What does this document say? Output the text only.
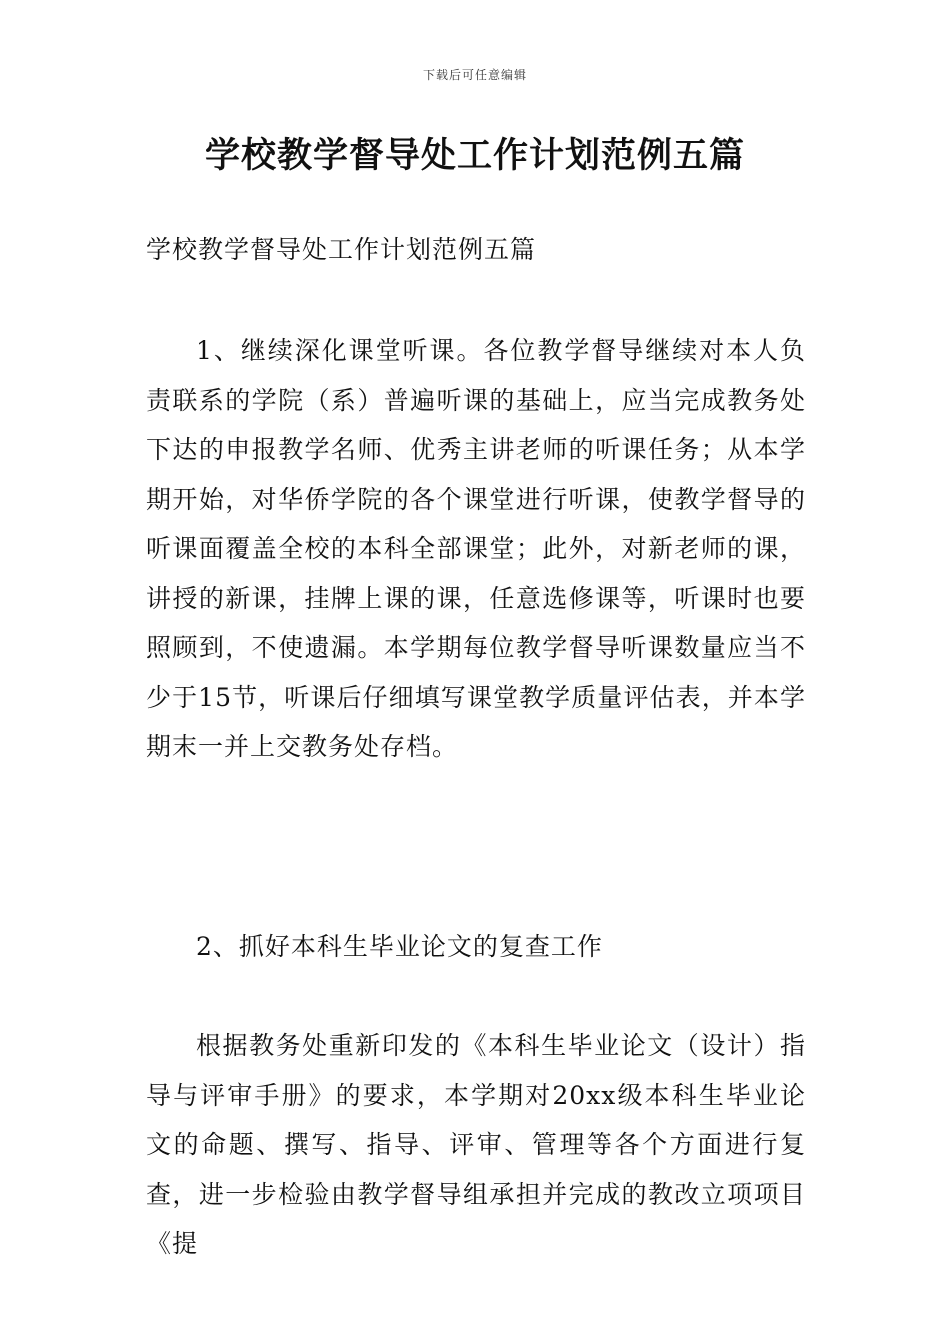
下载后可任意编辑
学校教学督导处工作计划范例五篇

学校教学督导处工作计划范例五篇

1、继续深化课堂听课。各位教学督导继续对本人负责联系的学院（系）普遍听课的基础上，应当完成教务处下达的申报教学名师、优秀主讲老师的听课任务；从本学期开始，对华侨学院的各个课堂进行听课，使教学督导的听课面覆盖全校的本科全部课堂；此外，对新老师的课，讲授的新课，挂牌上课的课，任意选修课等，听课时也要照顾到，不使遗漏。本学期每位教学督导听课数量应当不少于15节，听课后仔细填写课堂教学质量评估表，并本学期末一并上交教务处存档。

2、抓好本科生毕业论文的复查工作

根据教务处重新印发的《本科生毕业论文（设计）指导与评审手册》的要求，本学期对20xx级本科生毕业论文的命题、撰写、指导、评审、管理等各个方面进行复查，进一步检验由教学督导组承担并完成的教改立项项目《提
